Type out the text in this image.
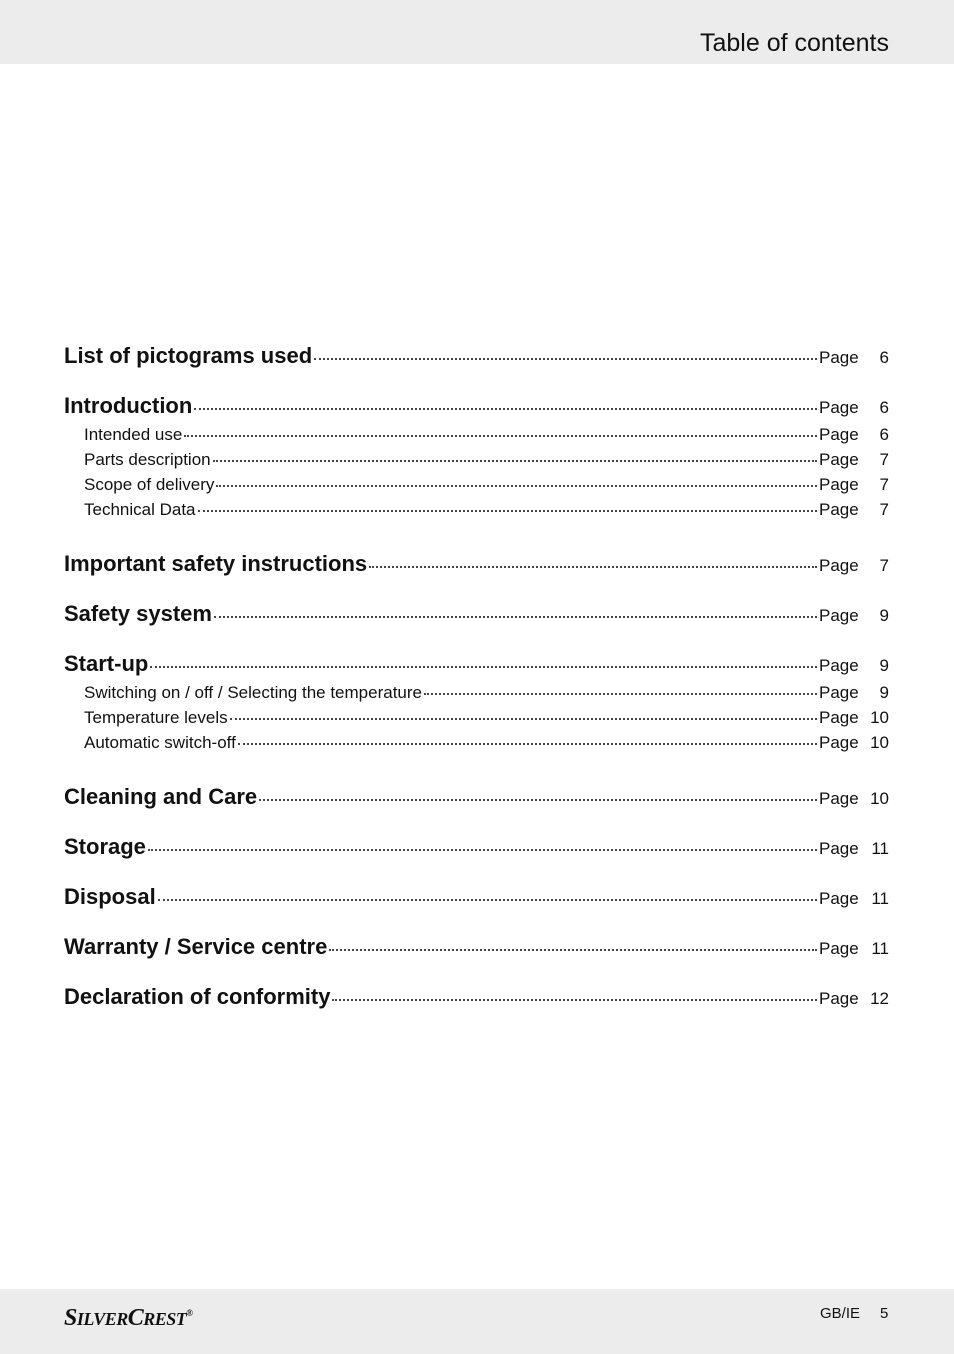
Table of contents
List of pictograms used	Page	6
Introduction	Page	6
Intended use	Page	6
Parts description	Page	7
Scope of delivery	Page	7
Technical Data	Page	7
Important safety instructions	Page	7
Safety system	Page	9
Start-up	Page	9
Switching on / off / Selecting the temperature	Page	9
Temperature levels	Page 10
Automatic switch-off	Page 10
Cleaning and Care	Page 10
Storage	Page 11
Disposal	Page 11
Warranty / Service centre	Page 11
Declaration of conformity	Page 12
SILVERCREST®	GB/IE 5
